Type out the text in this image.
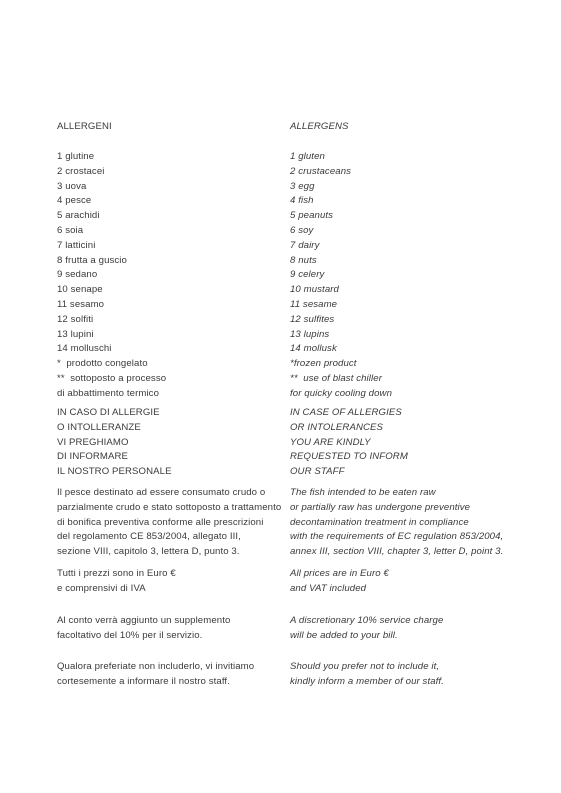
ALLERGENI
1 glutine
2 crostacei
3 uova
4 pesce
5 arachidi
6 soia
7 latticini
8 frutta a guscio
9 sedano
10 senape
11 sesamo
12 solfiti
13 lupini
14 molluschi
*  prodotto congelato
**  sottoposto a processo
di abbattimento termico
IN CASO DI ALLERGIE
O INTOLLERANZE
VI PREGHIAMO
DI INFORMARE
IL NOSTRO PERSONALE
Il pesce destinato ad essere consumato crudo o
parzialmente crudo e stato sottoposto a trattamento
di bonifica preventiva conforme alle prescrizioni
del regolamento CE 853/2004, allegato III,
sezione VIII, capitolo 3, lettera D, punto 3.
Tutti i prezzi sono in Euro €
e comprensivi di IVA
Al conto verrà aggiunto un supplemento
facoltativo del 10% per il servizio.
Qualora preferiate non includerlo, vi invitiamo
cortesemente a informare il nostro staff.
ALLERGENS
1 gluten
2 crustaceans
3 egg
4 fish
5 peanuts
6 soy
7 dairy
8 nuts
9 celery
10 mustard
11 sesame
12 sulfites
13 lupins
14 mollusk
*frozen product
**  use of blast chiller
for quicky cooling down
IN CASE OF ALLERGIES
OR INTOLERANCES
YOU ARE KINDLY
REQUESTED TO INFORM
OUR STAFF
The fish intended to be eaten raw
or partially raw has undergone preventive
decontamination treatment in compliance
with the requirements of EC regulation 853/2004,
annex III, section VIII, chapter 3, letter D, point 3.
All prices are in Euro €
and VAT included
A discretionary 10% service charge
will be added to your bill.
Should you prefer not to include it,
kindly inform a member of our staff.
